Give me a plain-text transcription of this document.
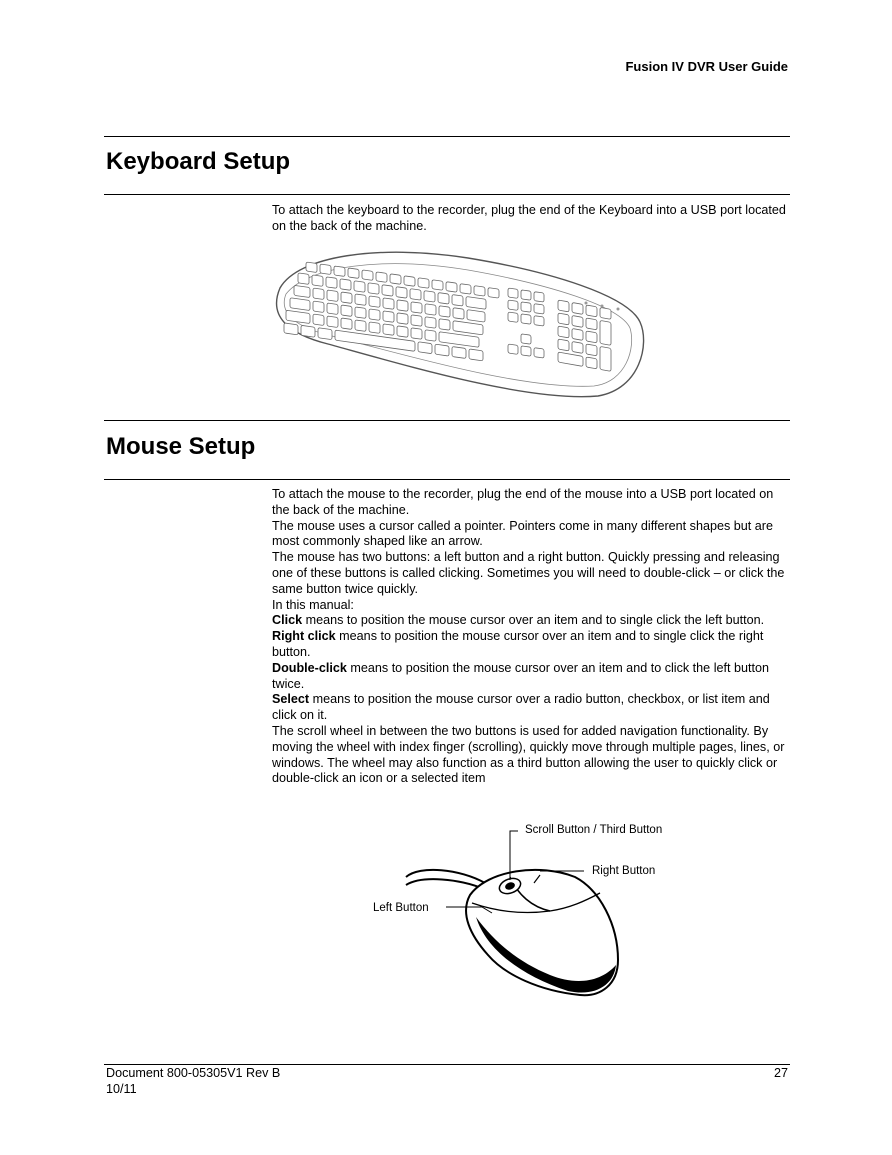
Fusion IV DVR User Guide
Keyboard Setup

To attach the keyboard to the recorder, plug the end of the Keyboard into a USB port located on the back of the machine.

Mouse Setup

To attach the mouse to the recorder, plug the end of the mouse into a USB port located on the back of the machine.

The mouse uses a cursor called a pointer. Pointers come in many different shapes but are most commonly shaped like an arrow.

The mouse has two buttons: a left button and a right button. Quickly pressing and releasing one of these buttons is called clicking. Sometimes you will need to double-click – or click the same button twice quickly.

In this manual:

Click means to position the mouse cursor over an item and to single click the left button.

Right click means to position the mouse cursor over an item and to single click the right button.

Double-click means to position the mouse cursor over an item and to click the left button twice.

Select means to position the mouse cursor over a radio button, checkbox, or list item and click on it.

The scroll wheel in between the two buttons is used for added navigation functionality. By moving the wheel with index finger (scrolling), quickly move through multiple pages, lines, or windows. The wheel may also function as a third button allowing the user to quickly click or double-click an icon or a selected item

Scroll Button / Third Button
Right Button
Left Button
Document 800-05305V1 Rev B
10/11
27
